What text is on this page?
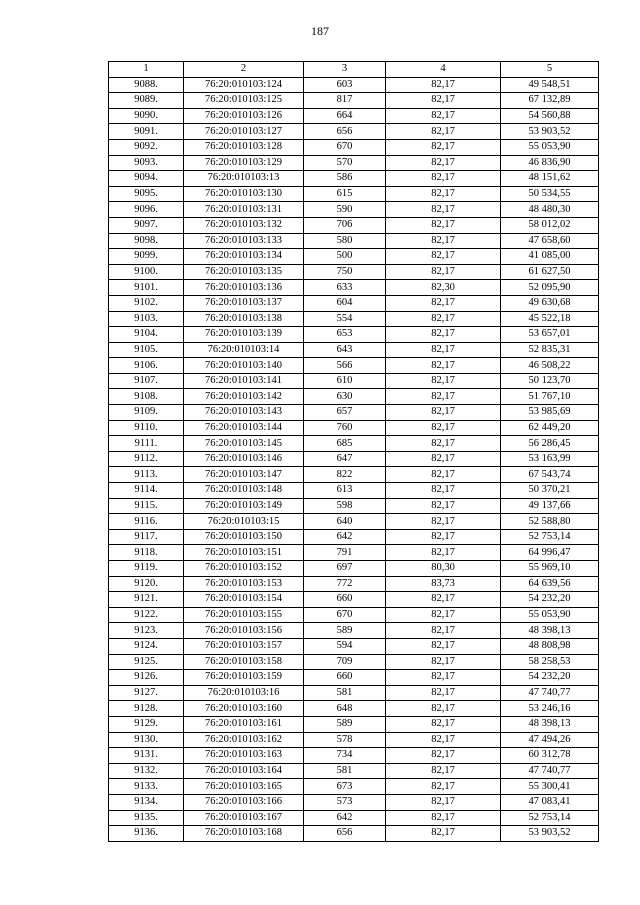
187
1	2	3	4	5
9088.	76:20:010103:124	603	82,17	49 548,51
9089.	76:20:010103:125	817	82,17	67 132,89
9090.	76:20:010103:126	664	82,17	54 560,88
9091.	76:20:010103:127	656	82,17	53 903,52
9092.	76:20:010103:128	670	82,17	55 053,90
9093.	76:20:010103:129	570	82,17	46 836,90
9094.	76:20:010103:13	586	82,17	48 151,62
9095.	76:20:010103:130	615	82,17	50 534,55
9096.	76:20:010103:131	590	82,17	48 480,30
9097.	76:20:010103:132	706	82,17	58 012,02
9098.	76:20:010103:133	580	82,17	47 658,60
9099.	76:20:010103:134	500	82,17	41 085,00
9100.	76:20:010103:135	750	82,17	61 627,50
9101.	76:20:010103:136	633	82,30	52 095,90
9102.	76:20:010103:137	604	82,17	49 630,68
9103.	76:20:010103:138	554	82,17	45 522,18
9104.	76:20:010103:139	653	82,17	53 657,01
9105.	76:20:010103:14	643	82,17	52 835,31
9106.	76:20:010103:140	566	82,17	46 508,22
9107.	76:20:010103:141	610	82,17	50 123,70
9108.	76:20:010103:142	630	82,17	51 767,10
9109.	76:20:010103:143	657	82,17	53 985,69
9110.	76:20:010103:144	760	82,17	62 449,20
9111.	76:20:010103:145	685	82,17	56 286,45
9112.	76:20:010103:146	647	82,17	53 163,99
9113.	76:20:010103:147	822	82,17	67 543,74
9114.	76:20:010103:148	613	82,17	50 370,21
9115.	76:20:010103:149	598	82,17	49 137,66
9116.	76:20:010103:15	640	82,17	52 588,80
9117.	76:20:010103:150	642	82,17	52 753,14
9118.	76:20:010103:151	791	82,17	64 996,47
9119.	76:20:010103:152	697	80,30	55 969,10
9120.	76:20:010103:153	772	83,73	64 639,56
9121.	76:20:010103:154	660	82,17	54 232,20
9122.	76:20:010103:155	670	82,17	55 053,90
9123.	76:20:010103:156	589	82,17	48 398,13
9124.	76:20:010103:157	594	82,17	48 808,98
9125.	76:20:010103:158	709	82,17	58 258,53
9126.	76:20:010103:159	660	82,17	54 232,20
9127.	76:20:010103:16	581	82,17	47 740,77
9128.	76:20:010103:160	648	82,17	53 246,16
9129.	76:20:010103:161	589	82,17	48 398,13
9130.	76:20:010103:162	578	82,17	47 494,26
9131.	76:20:010103:163	734	82,17	60 312,78
9132.	76:20:010103:164	581	82,17	47 740,77
9133.	76:20:010103:165	673	82,17	55 300,41
9134.	76:20:010103:166	573	82,17	47 083,41
9135.	76:20:010103:167	642	82,17	52 753,14
9136.	76:20:010103:168	656	82,17	53 903,52
